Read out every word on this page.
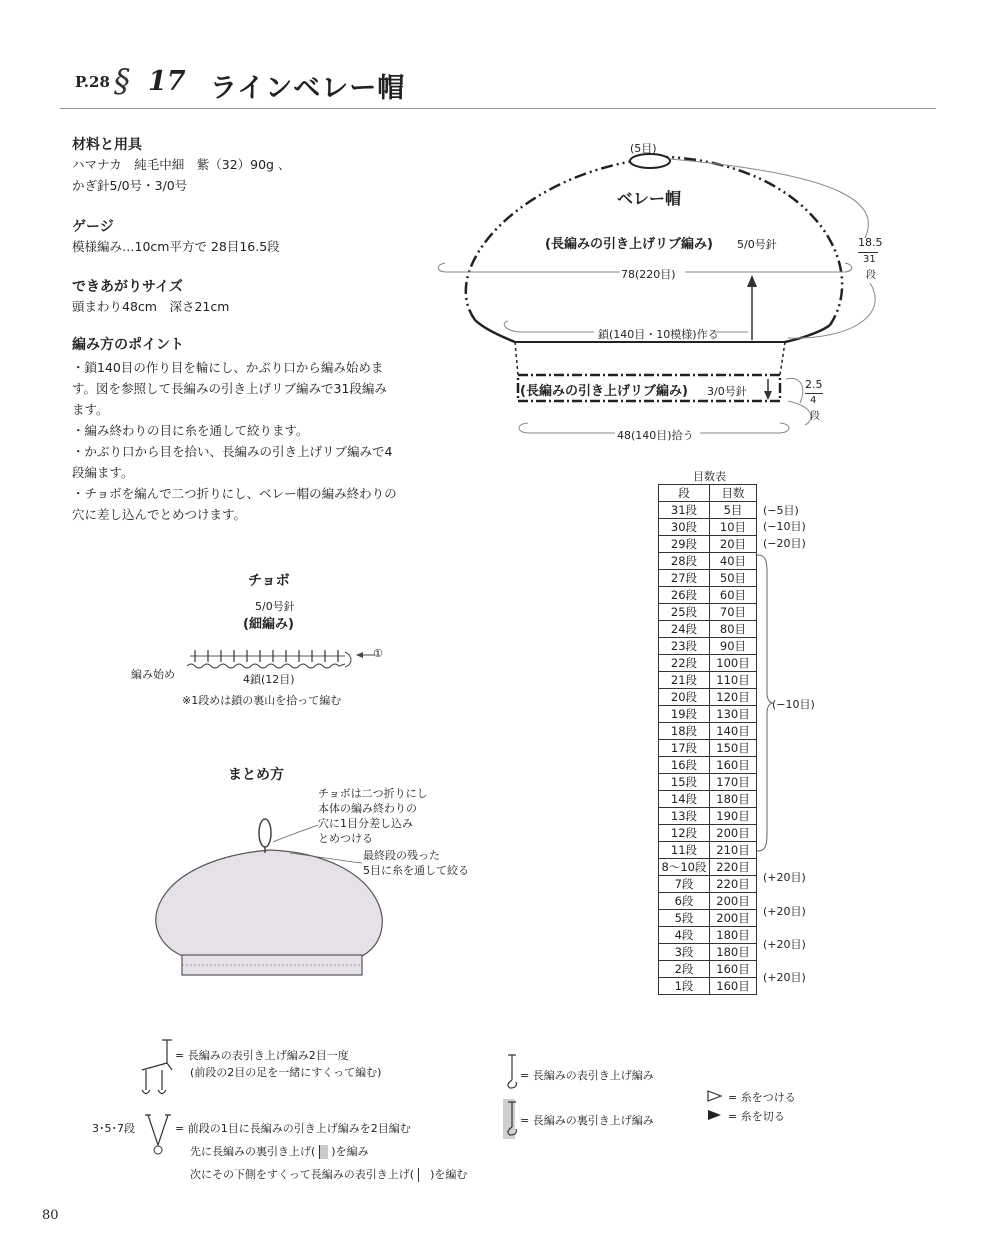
P.28 § 17 ラインベレー帽
材料と用具
ハマナカ　純毛中細　紫（32）90g 、
かぎ針5/0号・3/0号
ゲージ
模様編み…10cm平方で 28目16.5段
できあがりサイズ
頭まわり48cm　深さ21cm
編み方のポイント
・鎖140目の作り目を輪にし、かぶり口から編み始めます。図を参照して長編みの引き上げリブ編みで31段編みます。
・編み終わりの目に糸を通して絞ります。
・かぶり口から目を拾い、長編みの引き上げリブ編みで4段編ます。
・チョボを編んで二つ折りにし、ベレー帽の編み終わりの穴に差し込んでとめつけます。
(5目)
ベレー帽
(長編みの引き上げリブ編み) 5/0号針
78(220目)
18.5
31
段
鎖(140目・10模様)作る
(長編みの引き上げリブ編み) 3/0号針
2.5
4
段
48(140目)拾う
目数表
段	目数
31段	5目
30段	10目
29段	20目
28段	40目
27段	50目
26段	60目
25段	70目
24段	80目
23段	90目
22段	100目
21段	110目
20段	120目
19段	130目
18段	140目
17段	150目
16段	160目
15段	170目
14段	180目
13段	190目
12段	200目
11段	210目
8〜10段	220目
7段	220目
6段	200目
5段	200目
4段	180目
3段	180目
2段	160目
1段	160目
(−5目)
(−10目)
(−20目)
(+20目)
(+20目)
(+20目)
(+20目)
(−10目)
チョボ
5/0号針
(細編み)
①
編み始め	4鎖(12目)
※1段めは鎖の裏山を拾って編む
まとめ方
チョボは二つ折りにし
本体の編み終わりの
穴に1目分差し込み
とめつける
最終段の残った
5目に糸を通して絞る
= 長編みの表引き上げ編み2目一度
(前段の2目の足を一緒にすくって編む)
3･5･7段	= 前段の1目に長編みの引き上げ編みを2目編む
先に長編みの裏引き上げ( )を編み
次にその下側をすくって長編みの表引き上げ( )を編む
= 長編みの表引き上げ編み
= 長編みの裏引き上げ編み
= 糸をつける
= 糸を切る
80
